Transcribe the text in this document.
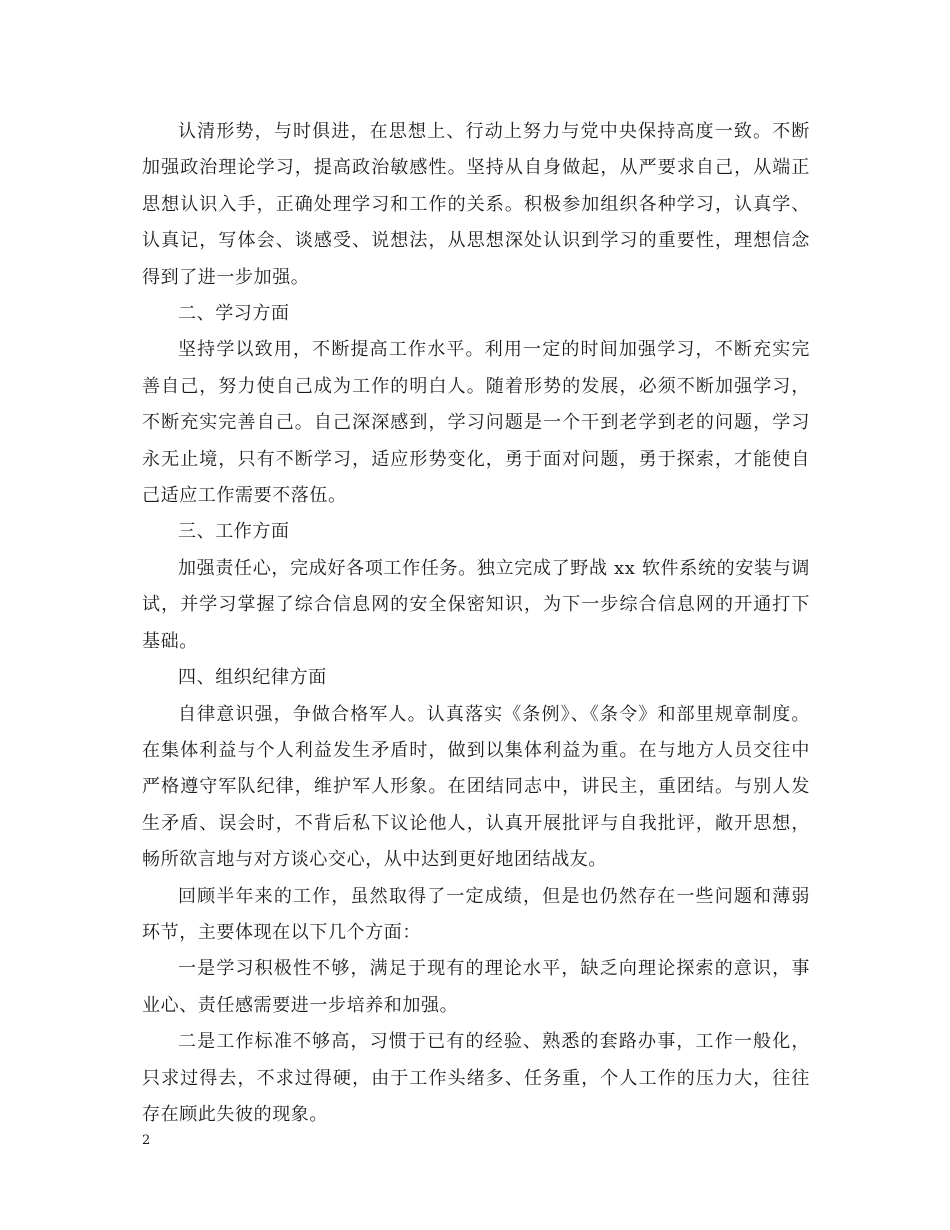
认清形势，与时俱进，在思想上、行动上努力与党中央保持高度一致。不断加强政治理论学习，提高政治敏感性。坚持从自身做起，从严要求自己，从端正思想认识入手，正确处理学习和工作的关系。积极参加组织各种学习，认真学、认真记，写体会、谈感受、说想法，从思想深处认识到学习的重要性，理想信念得到了进一步加强。

二、学习方面

坚持学以致用，不断提高工作水平。利用一定的时间加强学习，不断充实完善自己，努力使自己成为工作的明白人。随着形势的发展，必须不断加强学习，不断充实完善自己。自己深深感到，学习问题是一个干到老学到老的问题，学习永无止境，只有不断学习，适应形势变化，勇于面对问题，勇于探索，才能使自己适应工作需要不落伍。

三、工作方面

加强责任心，完成好各项工作任务。独立完成了野战 xx 软件系统的安装与调试，并学习掌握了综合信息网的安全保密知识，为下一步综合信息网的开通打下基础。

四、组织纪律方面

自律意识强，争做合格军人。认真落实《条例》、《条令》和部里规章制度。在集体利益与个人利益发生矛盾时，做到以集体利益为重。在与地方人员交往中严格遵守军队纪律，维护军人形象。在团结同志中，讲民主，重团结。与别人发生矛盾、误会时，不背后私下议论他人，认真开展批评与自我批评，敞开思想，畅所欲言地与对方谈心交心，从中达到更好地团结战友。

回顾半年来的工作，虽然取得了一定成绩，但是也仍然存在一些问题和薄弱环节，主要体现在以下几个方面：

一是学习积极性不够，满足于现有的理论水平，缺乏向理论探索的意识，事业心、责任感需要进一步培养和加强。

二是工作标准不够高，习惯于已有的经验、熟悉的套路办事，工作一般化，只求过得去，不求过得硬，由于工作头绪多、任务重，个人工作的压力大，往往存在顾此失彼的现象。

2
